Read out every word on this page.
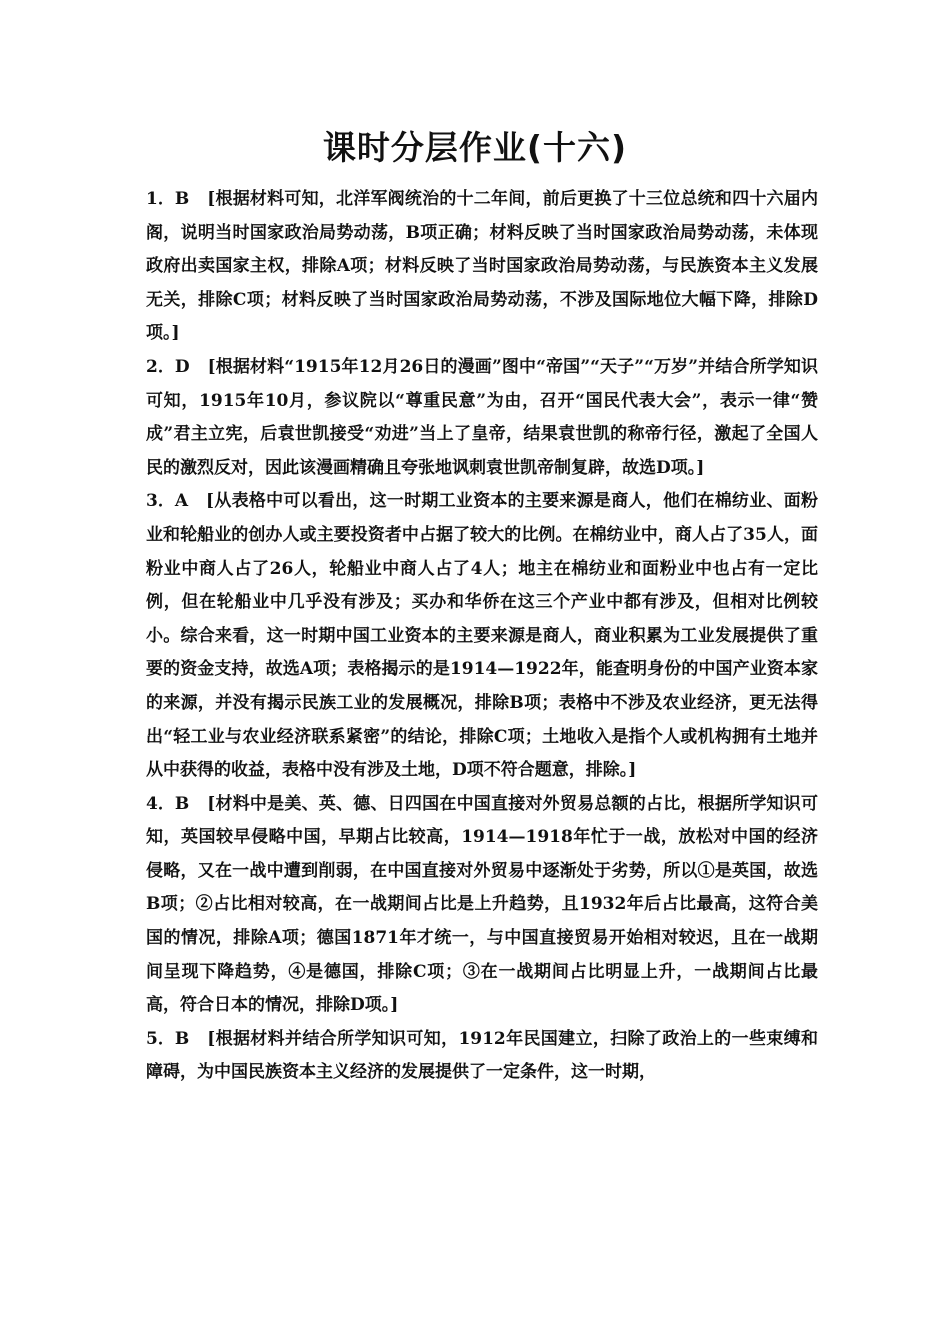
课时分层作业(十六)

1．B [根据材料可知，北洋军阀统治的十二年间，前后更换了十三位总统和四十六届内阁，说明当时国家政治局势动荡，B项正确；材料反映了当时国家政治局势动荡，未体现政府出卖国家主权，排除A项；材料反映了当时国家政治局势动荡，与民族资本主义发展无关，排除C项；材料反映了当时国家政治局势动荡，不涉及国际地位大幅下降，排除D项。]

2．D [根据材料“1915年12月26日的漫画”图中“帝国”“天子”“万岁”并结合所学知识可知，1915年10月，参议院以“尊重民意”为由，召开“国民代表大会”，表示一律“赞成”君主立宪，后袁世凯接受“劝进”当上了皇帝，结果袁世凯的称帝行径，激起了全国人民的激烈反对，因此该漫画精确且夸张地讽刺袁世凯帝制复辟，故选D项。]

3．A [从表格中可以看出，这一时期工业资本的主要来源是商人，他们在棉纺业、面粉业和轮船业的创办人或主要投资者中占据了较大的比例。在棉纺业中，商人占了35人，面粉业中商人占了26人，轮船业中商人占了4人；地主在棉纺业和面粉业中也占有一定比例，但在轮船业中几乎没有涉及；买办和华侨在这三个产业中都有涉及，但相对比例较小。综合来看，这一时期中国工业资本的主要来源是商人，商业积累为工业发展提供了重要的资金支持，故选A项；表格揭示的是1914—1922年，能查明身份的中国产业资本家的来源，并没有揭示民族工业的发展概况，排除B项；表格中不涉及农业经济，更无法得出“轻工业与农业经济联系紧密”的结论，排除C项；土地收入是指个人或机构拥有土地并从中获得的收益，表格中没有涉及土地，D项不符合题意，排除。]

4．B [材料中是美、英、德、日四国在中国直接对外贸易总额的占比，根据所学知识可知，英国较早侵略中国，早期占比较高，1914—1918年忙于一战，放松对中国的经济侵略，又在一战中遭到削弱，在中国直接对外贸易中逐渐处于劣势，所以①是英国，故选B项；②占比相对较高，在一战期间占比是上升趋势，且1932年后占比最高，这符合美国的情况，排除A项；德国1871年才统一，与中国直接贸易开始相对较迟，且在一战期间呈现下降趋势，④是德国，排除C项；③在一战期间占比明显上升，一战期间占比最高，符合日本的情况，排除D项。]

5．B [根据材料并结合所学知识可知，1912年民国建立，扫除了政治上的一些束缚和障碍，为中国民族资本主义经济的发展提供了一定条件，这一时期，
